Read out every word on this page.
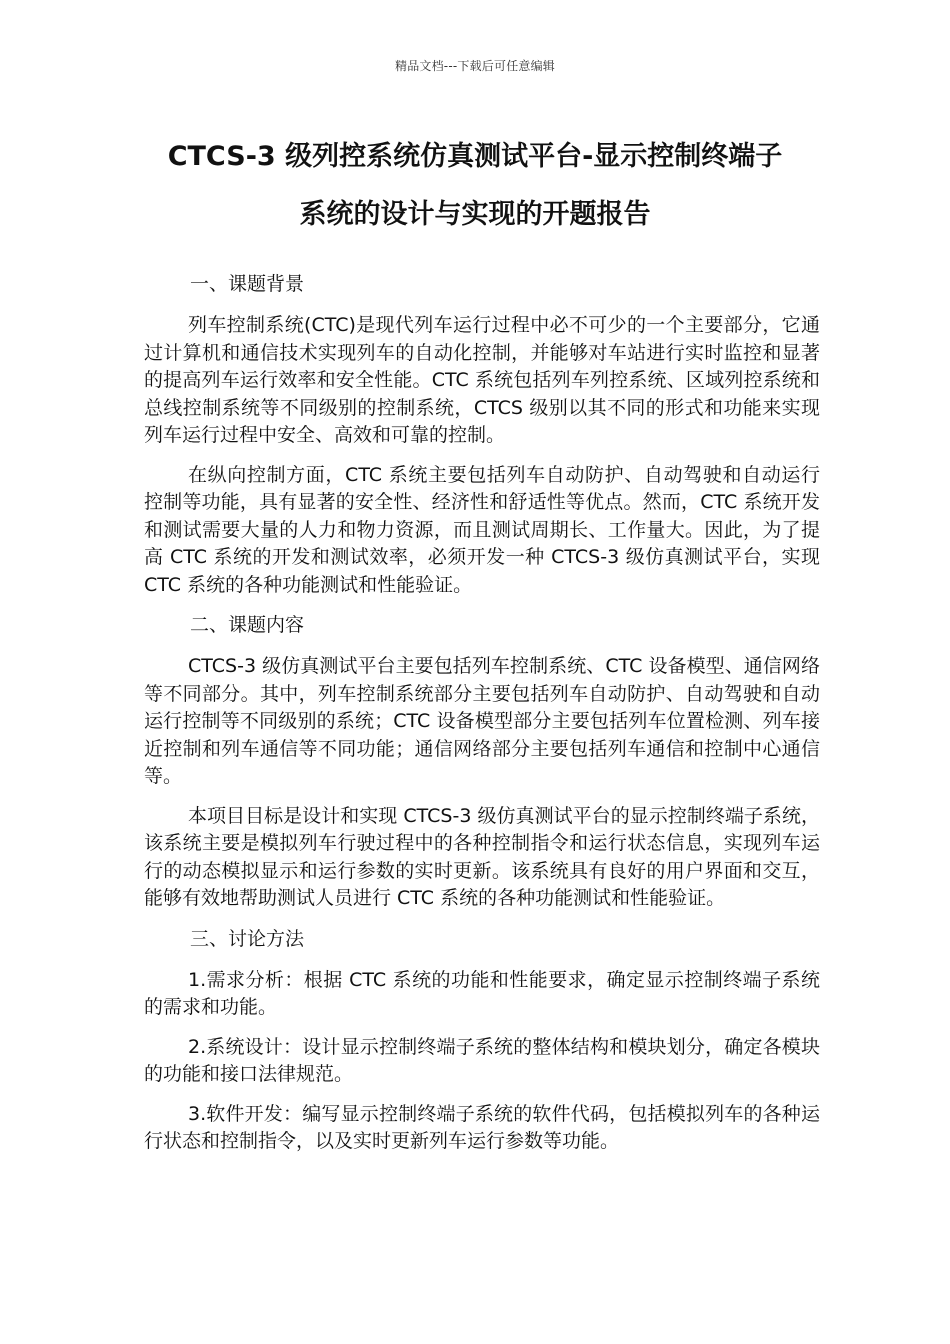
精品文档---下载后可任意编辑
CTCS-3 级列控系统仿真测试平台-显示控制终端子
系统的设计与实现的开题报告

一、课题背景

列车控制系统(CTC)是现代列车运行过程中必不可少的一个主要部分，它通过计算机和通信技术实现列车的自动化控制，并能够对车站进行实时监控和显著的提高列车运行效率和安全性能。CTC 系统包括列车列控系统、区域列控系统和总线控制系统等不同级别的控制系统，CTCS 级别以其不同的形式和功能来实现列车运行过程中安全、高效和可靠的控制。

在纵向控制方面，CTC 系统主要包括列车自动防护、自动驾驶和自动运行控制等功能，具有显著的安全性、经济性和舒适性等优点。然而，CTC 系统开发和测试需要大量的人力和物力资源，而且测试周期长、工作量大。因此，为了提高 CTC 系统的开发和测试效率，必须开发一种 CTCS-3 级仿真测试平台，实现 CTC 系统的各种功能测试和性能验证。

二、课题内容

CTCS-3 级仿真测试平台主要包括列车控制系统、CTC 设备模型、通信网络等不同部分。其中，列车控制系统部分主要包括列车自动防护、自动驾驶和自动运行控制等不同级别的系统；CTC 设备模型部分主要包括列车位置检测、列车接近控制和列车通信等不同功能；通信网络部分主要包括列车通信和控制中心通信等。

本项目目标是设计和实现 CTCS-3 级仿真测试平台的显示控制终端子系统，该系统主要是模拟列车行驶过程中的各种控制指令和运行状态信息，实现列车运行的动态模拟显示和运行参数的实时更新。该系统具有良好的用户界面和交互，能够有效地帮助测试人员进行 CTC 系统的各种功能测试和性能验证。

三、讨论方法

1.需求分析：根据 CTC 系统的功能和性能要求，确定显示控制终端子系统的需求和功能。

2.系统设计：设计显示控制终端子系统的整体结构和模块划分，确定各模块的功能和接口法律规范。

3.软件开发：编写显示控制终端子系统的软件代码，包括模拟列车的各种运行状态和控制指令，以及实时更新列车运行参数等功能。
